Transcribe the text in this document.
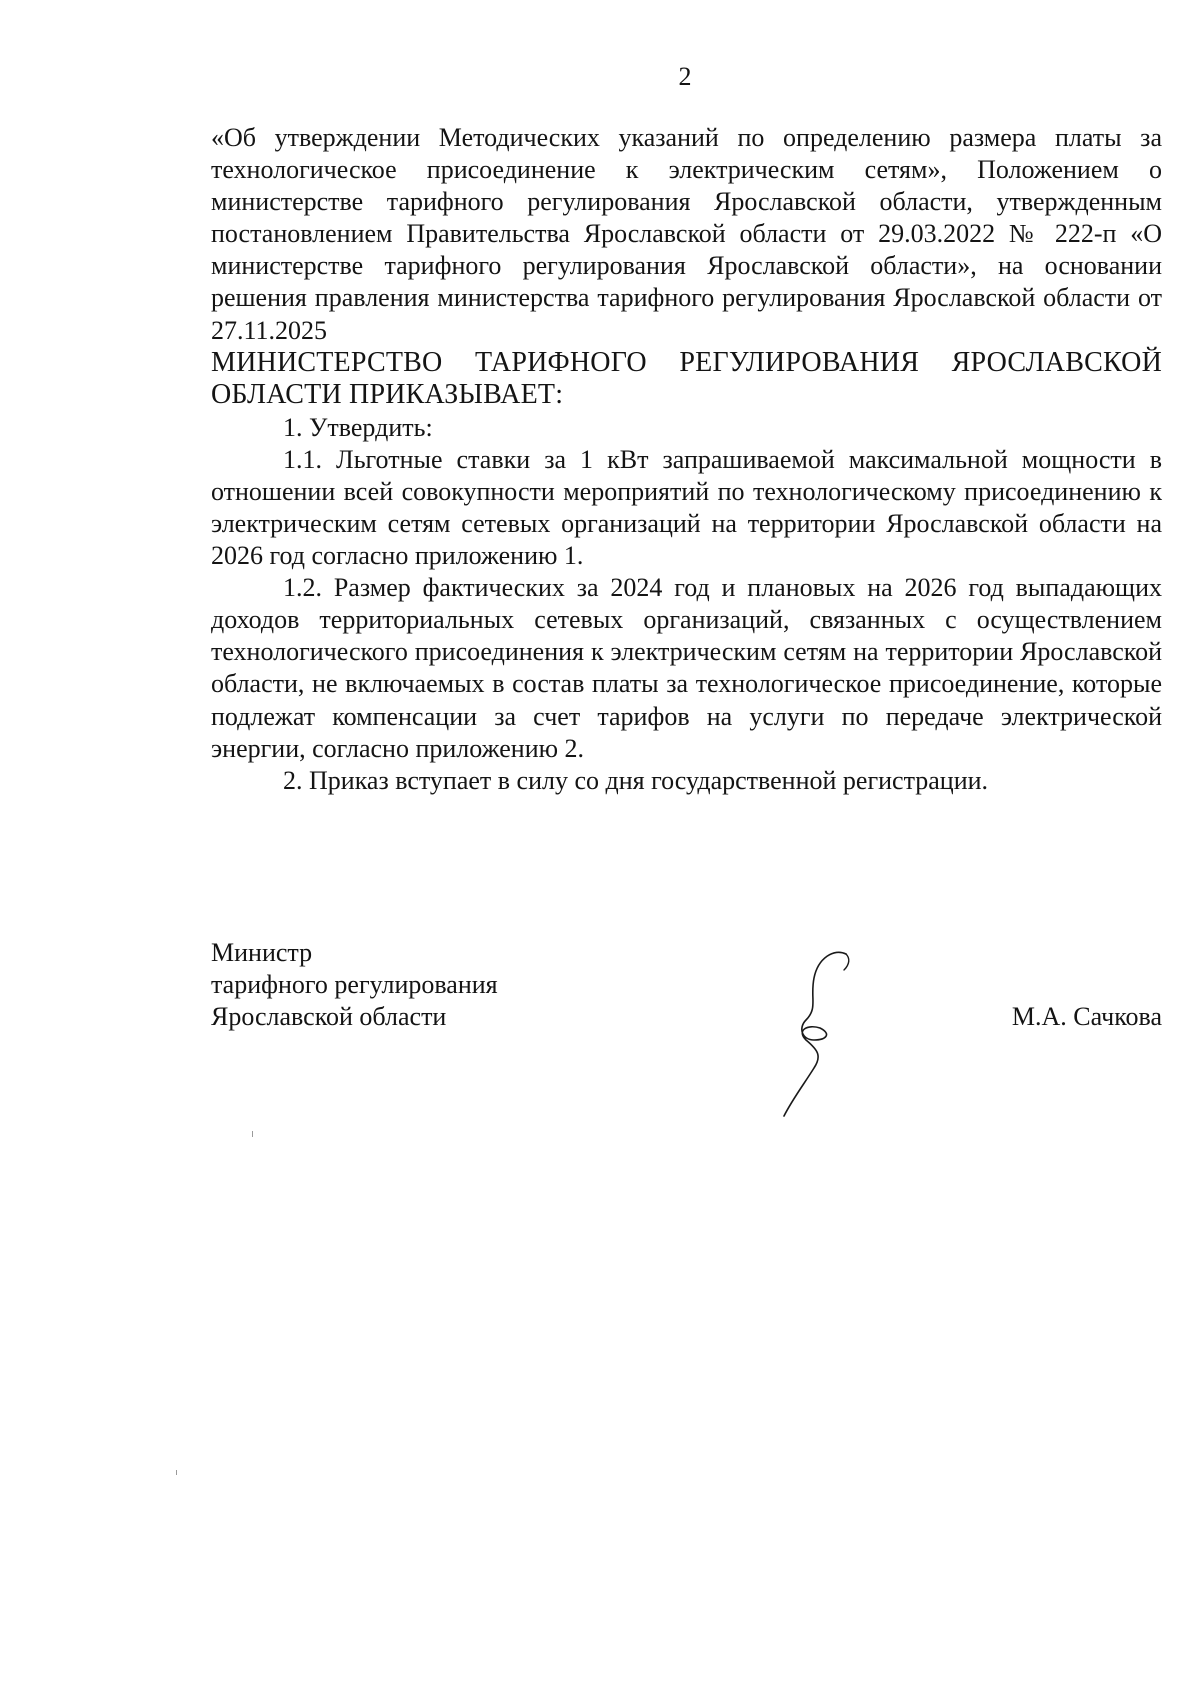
2

«Об утверждении Методических указаний по определению размера платы за технологическое присоединение к электрическим сетям», Положением о министерстве тарифного регулирования Ярославской области, утвержденным постановлением Правительства Ярославской области от 29.03.2022 № 222-п «О министерстве тарифного регулирования Ярославской области», на основании решения правления министерства тарифного регулирования Ярославской области от 27.11.2025

МИНИСТЕРСТВО ТАРИФНОГО РЕГУЛИРОВАНИЯ ЯРОСЛАВСКОЙ ОБЛАСТИ ПРИКАЗЫВАЕТ:

1. Утвердить:

1.1. Льготные ставки за 1 кВт запрашиваемой максимальной мощности в отношении всей совокупности мероприятий по технологическому присоединению к электрическим сетям сетевых организаций на территории Ярославской области на 2026 год согласно приложению 1.

1.2. Размер фактических за 2024 год и плановых на 2026 год выпадающих доходов территориальных сетевых организаций, связанных с осуществлением технологического присоединения к электрическим сетям на территории Ярославской области, не включаемых в состав платы за технологическое присоединение, которые подлежат компенсации за счет тарифов на услуги по передаче электрической энергии, согласно приложению 2.

2. Приказ вступает в силу со дня государственной регистрации.

Министр
тарифного регулирования
Ярославской области	М.А. Сачкова
